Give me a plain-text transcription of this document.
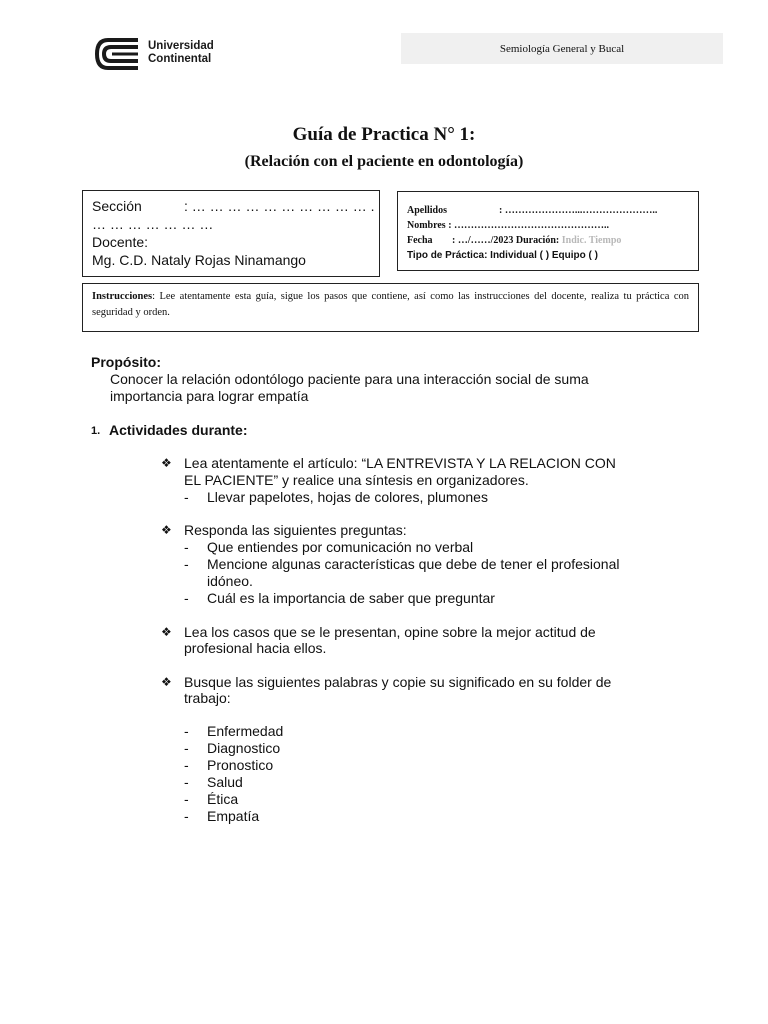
Universidad
Continental
Semiología General y Bucal
Guía de Practica N° 1:
(Relación con el paciente en odontología)
Sección	: … … … … … … … … … … .
… … … … … … …
Docente:
Mg. C.D. Nataly Rojas Ninamango
Apellidos	: …………………...…………………..
Nombres : ………………………………………..
Fecha : …/……/2023 Duración: Indic. Tiempo
Tipo de Práctica: Individual ( ) Equipo ( )
Instrucciones: Lee atentamente esta guía, sigue los pasos que contiene, así como las instrucciones del docente, realiza tu práctica con seguridad y orden.
Propósito:
Conocer la relación odontólogo paciente para una interacción social de suma
importancia para lograr empatía
1. Actividades durante:
❖ Lea atentamente el artículo: “LA ENTREVISTA Y LA RELACION CON
EL PACIENTE” y realice una síntesis en organizadores.
- Llevar papelotes, hojas de colores, plumones
❖ Responda las siguientes preguntas:
- Que entiendes por comunicación no verbal
- Mencione algunas características que debe de tener el profesional
idóneo.
- Cuál es la importancia de saber que preguntar
❖ Lea los casos que se le presentan, opine sobre la mejor actitud de
profesional hacia ellos.
❖ Busque las siguientes palabras y copie su significado en su folder de
trabajo:
- Enfermedad
- Diagnostico
- Pronostico
- Salud
- Ética
- Empatía
